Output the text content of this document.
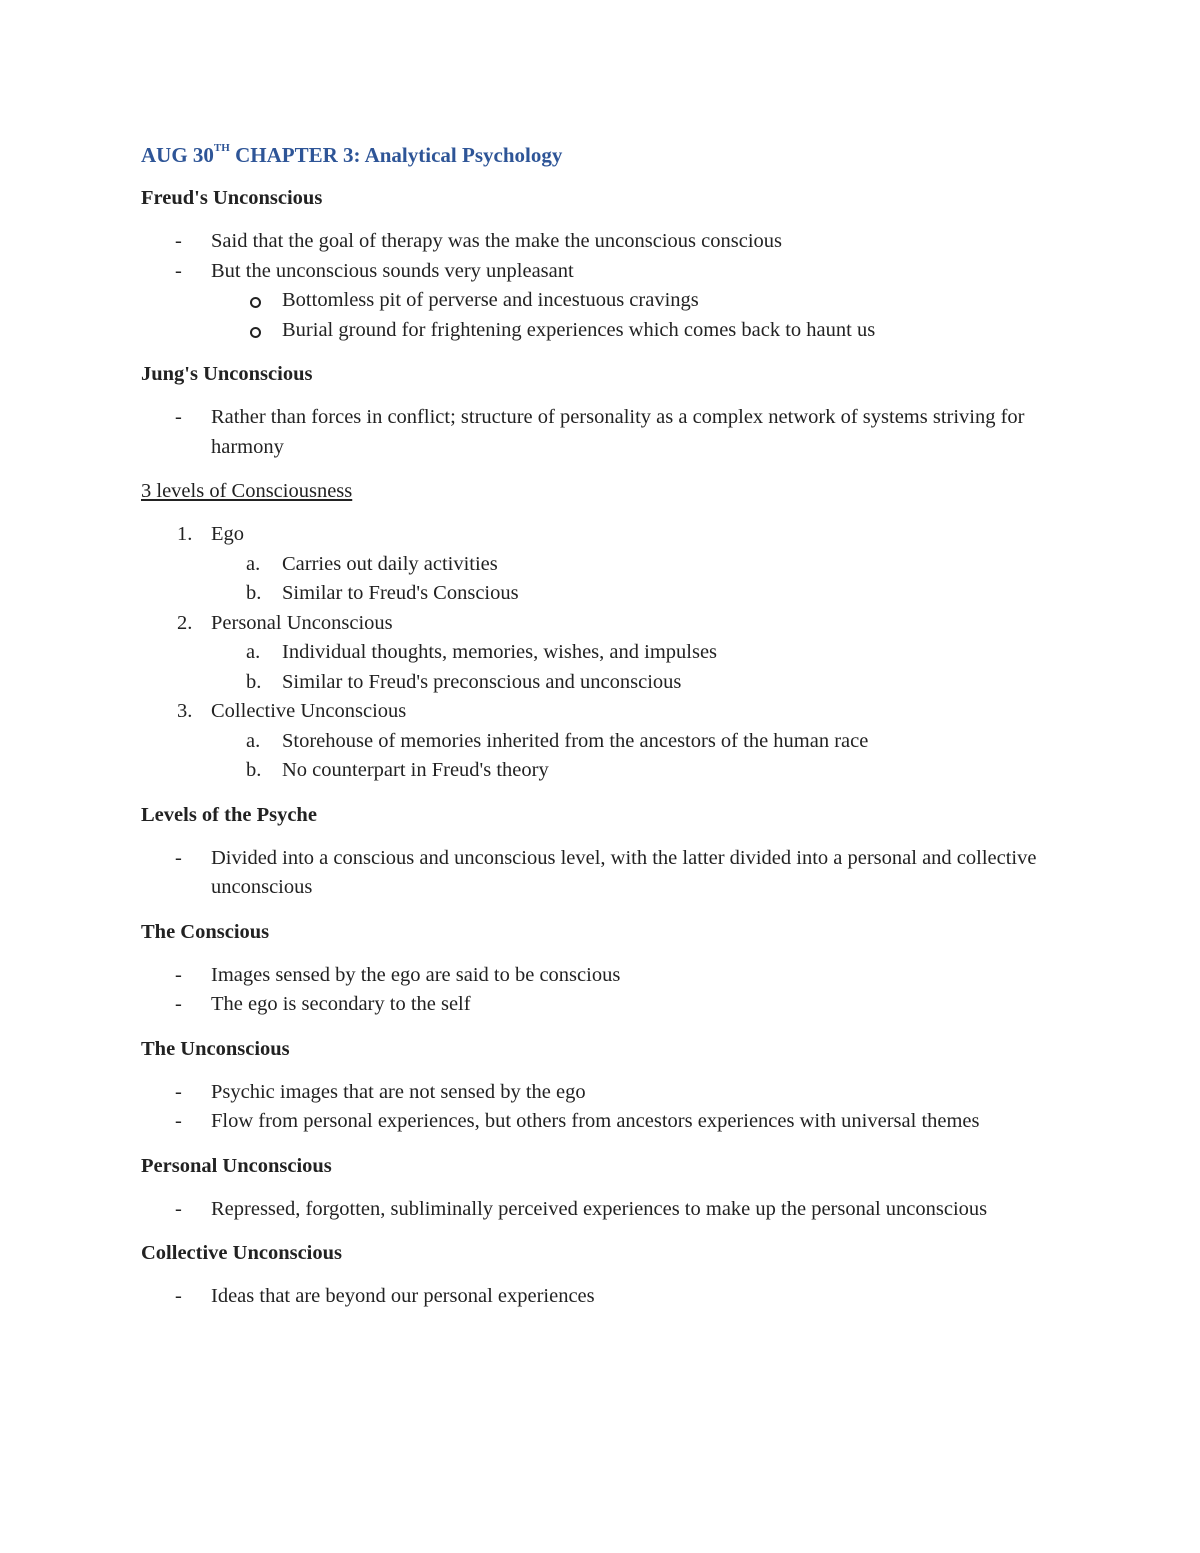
AUG 30TH CHAPTER 3: Analytical Psychology
Freud's Unconscious
- Said that the goal of therapy was the make the unconscious conscious
- But the unconscious sounds very unpleasant
Bottomless pit of perverse and incestuous cravings
Burial ground for frightening experiences which comes back to haunt us
Jung's Unconscious
- Rather than forces in conflict; structure of personality as a complex network of systems striving for harmony
3 levels of Consciousness
1. Ego
a. Carries out daily activities
b. Similar to Freud's Conscious
2. Personal Unconscious
a. Individual thoughts, memories, wishes, and impulses
b. Similar to Freud's preconscious and unconscious
3. Collective Unconscious
a. Storehouse of memories inherited from the ancestors of the human race
b. No counterpart in Freud's theory
Levels of the Psyche
- Divided into a conscious and unconscious level, with the latter divided into a personal and collective unconscious
The Conscious
- Images sensed by the ego are said to be conscious
- The ego is secondary to the self
The Unconscious
- Psychic images that are not sensed by the ego
- Flow from personal experiences, but others from ancestors experiences with universal themes
Personal Unconscious
- Repressed, forgotten, subliminally perceived experiences to make up the personal unconscious
Collective Unconscious
- Ideas that are beyond our personal experiences
